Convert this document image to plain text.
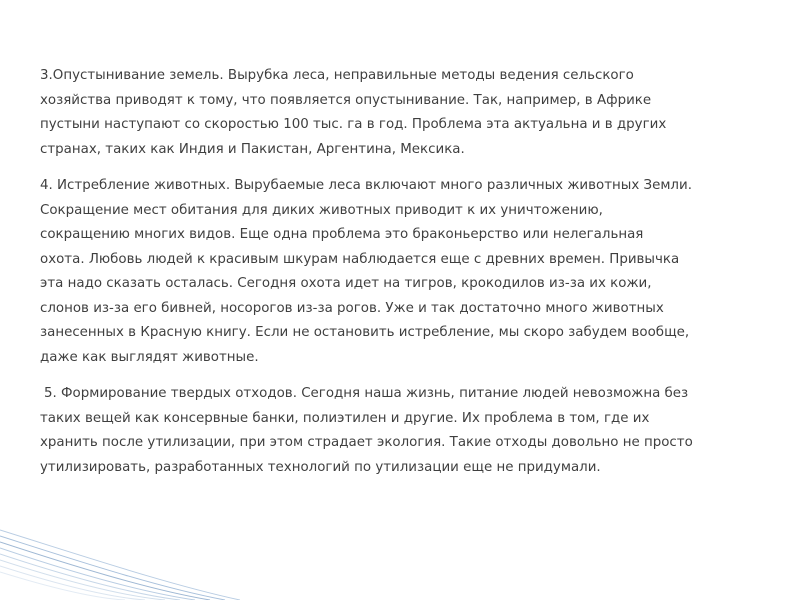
3.Опустынивание земель. Вырубка леса, неправильные методы ведения сельского
хозяйства приводят к тому, что появляется опустынивание. Так, например, в Африке
пустыни наступают со скоростью 100 тыс. га в год. Проблема эта актуальна и в других
странах, таких как Индия и Пакистан, Аргентина, Мексика.

4. Истребление животных. Вырубаемые леса включают много различных животных Земли.
Сокращение мест обитания для диких животных приводит к их уничтожению,
сокращению многих видов. Еще одна проблема это браконьерство или нелегальная
охота. Любовь людей к красивым шкурам наблюдается еще с древних времен. Привычка
эта надо сказать осталась. Сегодня охота идет на тигров, крокодилов из-за их кожи,
слонов из-за его бивней, носорогов из-за рогов. Уже и так достаточно много животных
занесенных в Красную книгу. Если не остановить истребление, мы скоро забудем вообще,
даже как выглядят животные.

5. Формирование твердых отходов. Сегодня наша жизнь, питание людей невозможна без
таких вещей как консервные банки, полиэтилен и другие. Их проблема в том, где их
хранить после утилизации, при этом страдает экология. Такие отходы довольно не просто
утилизировать, разработанных технологий по утилизации еще не придумали.
